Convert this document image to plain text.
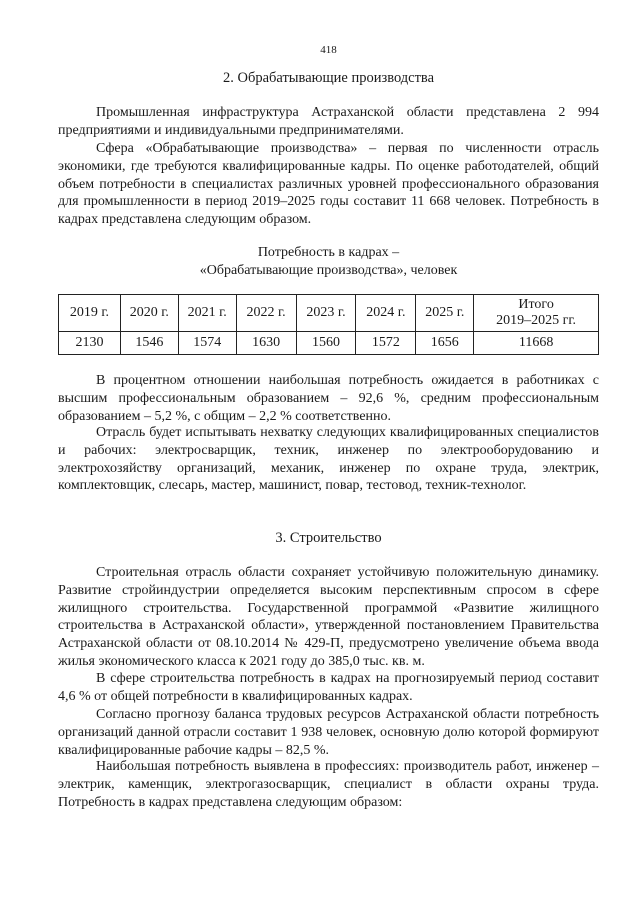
418
2. Обрабатывающие производства

Промышленная инфраструктура Астраханской области представлена 2 994 предприятиями и индивидуальными предпринимателями.

Сфера «Обрабатывающие производства» – первая по численности отрасль экономики, где требуются квалифицированные кадры. По оценке работодателей, общий объем потребности в специалистах различных уровней профессионального образования для промышленности в период 2019–2025 годы составит 11 668 человек. Потребность в кадрах представлена следующим образом.

Потребность в кадрах –
«Обрабатывающие производства», человек
2019 г.	2020 г.	2021 г.	2022 г.	2023 г.	2024 г.	2025 г.	Итого
2019–2025 гг.

2130	1546	1574	1630	1560	1572	1656	11668

В процентном отношении наибольшая потребность ожидается в работниках с высшим профессиональным образованием – 92,6 %, средним профессиональным образованием – 5,2 %, с общим – 2,2 % соответственно.

Отрасль будет испытывать нехватку следующих квалифицированных специалистов и рабочих: электросварщик, техник, инженер по электрооборудованию и электрохозяйству организаций, механик, инженер по охране труда, электрик, комплектовщик, слесарь, мастер, машинист, повар, тестовод, техник-технолог.

3. Строительство

Строительная отрасль области сохраняет устойчивую положительную динамику. Развитие стройиндустрии определяется высоким перспективным спросом в сфере жилищного строительства. Государственной программой «Развитие жилищного строительства в Астраханской области», утвержденной постановлением Правительства Астраханской области от 08.10.2014 № 429-П, предусмотрено увеличение объема ввода жилья экономического класса к 2021 году до 385,0 тыс. кв. м.

В сфере строительства потребность в кадрах на прогнозируемый период составит 4,6 % от общей потребности в квалифицированных кадрах.

Согласно прогнозу баланса трудовых ресурсов Астраханской области потребность организаций данной отрасли составит 1 938 человек, основную долю которой формируют квалифицированные рабочие кадры – 82,5 %.

Наибольшая потребность выявлена в профессиях: производитель работ, инженер – электрик, каменщик, электрогазосварщик, специалист в области охраны труда. Потребность в кадрах представлена следующим образом:
